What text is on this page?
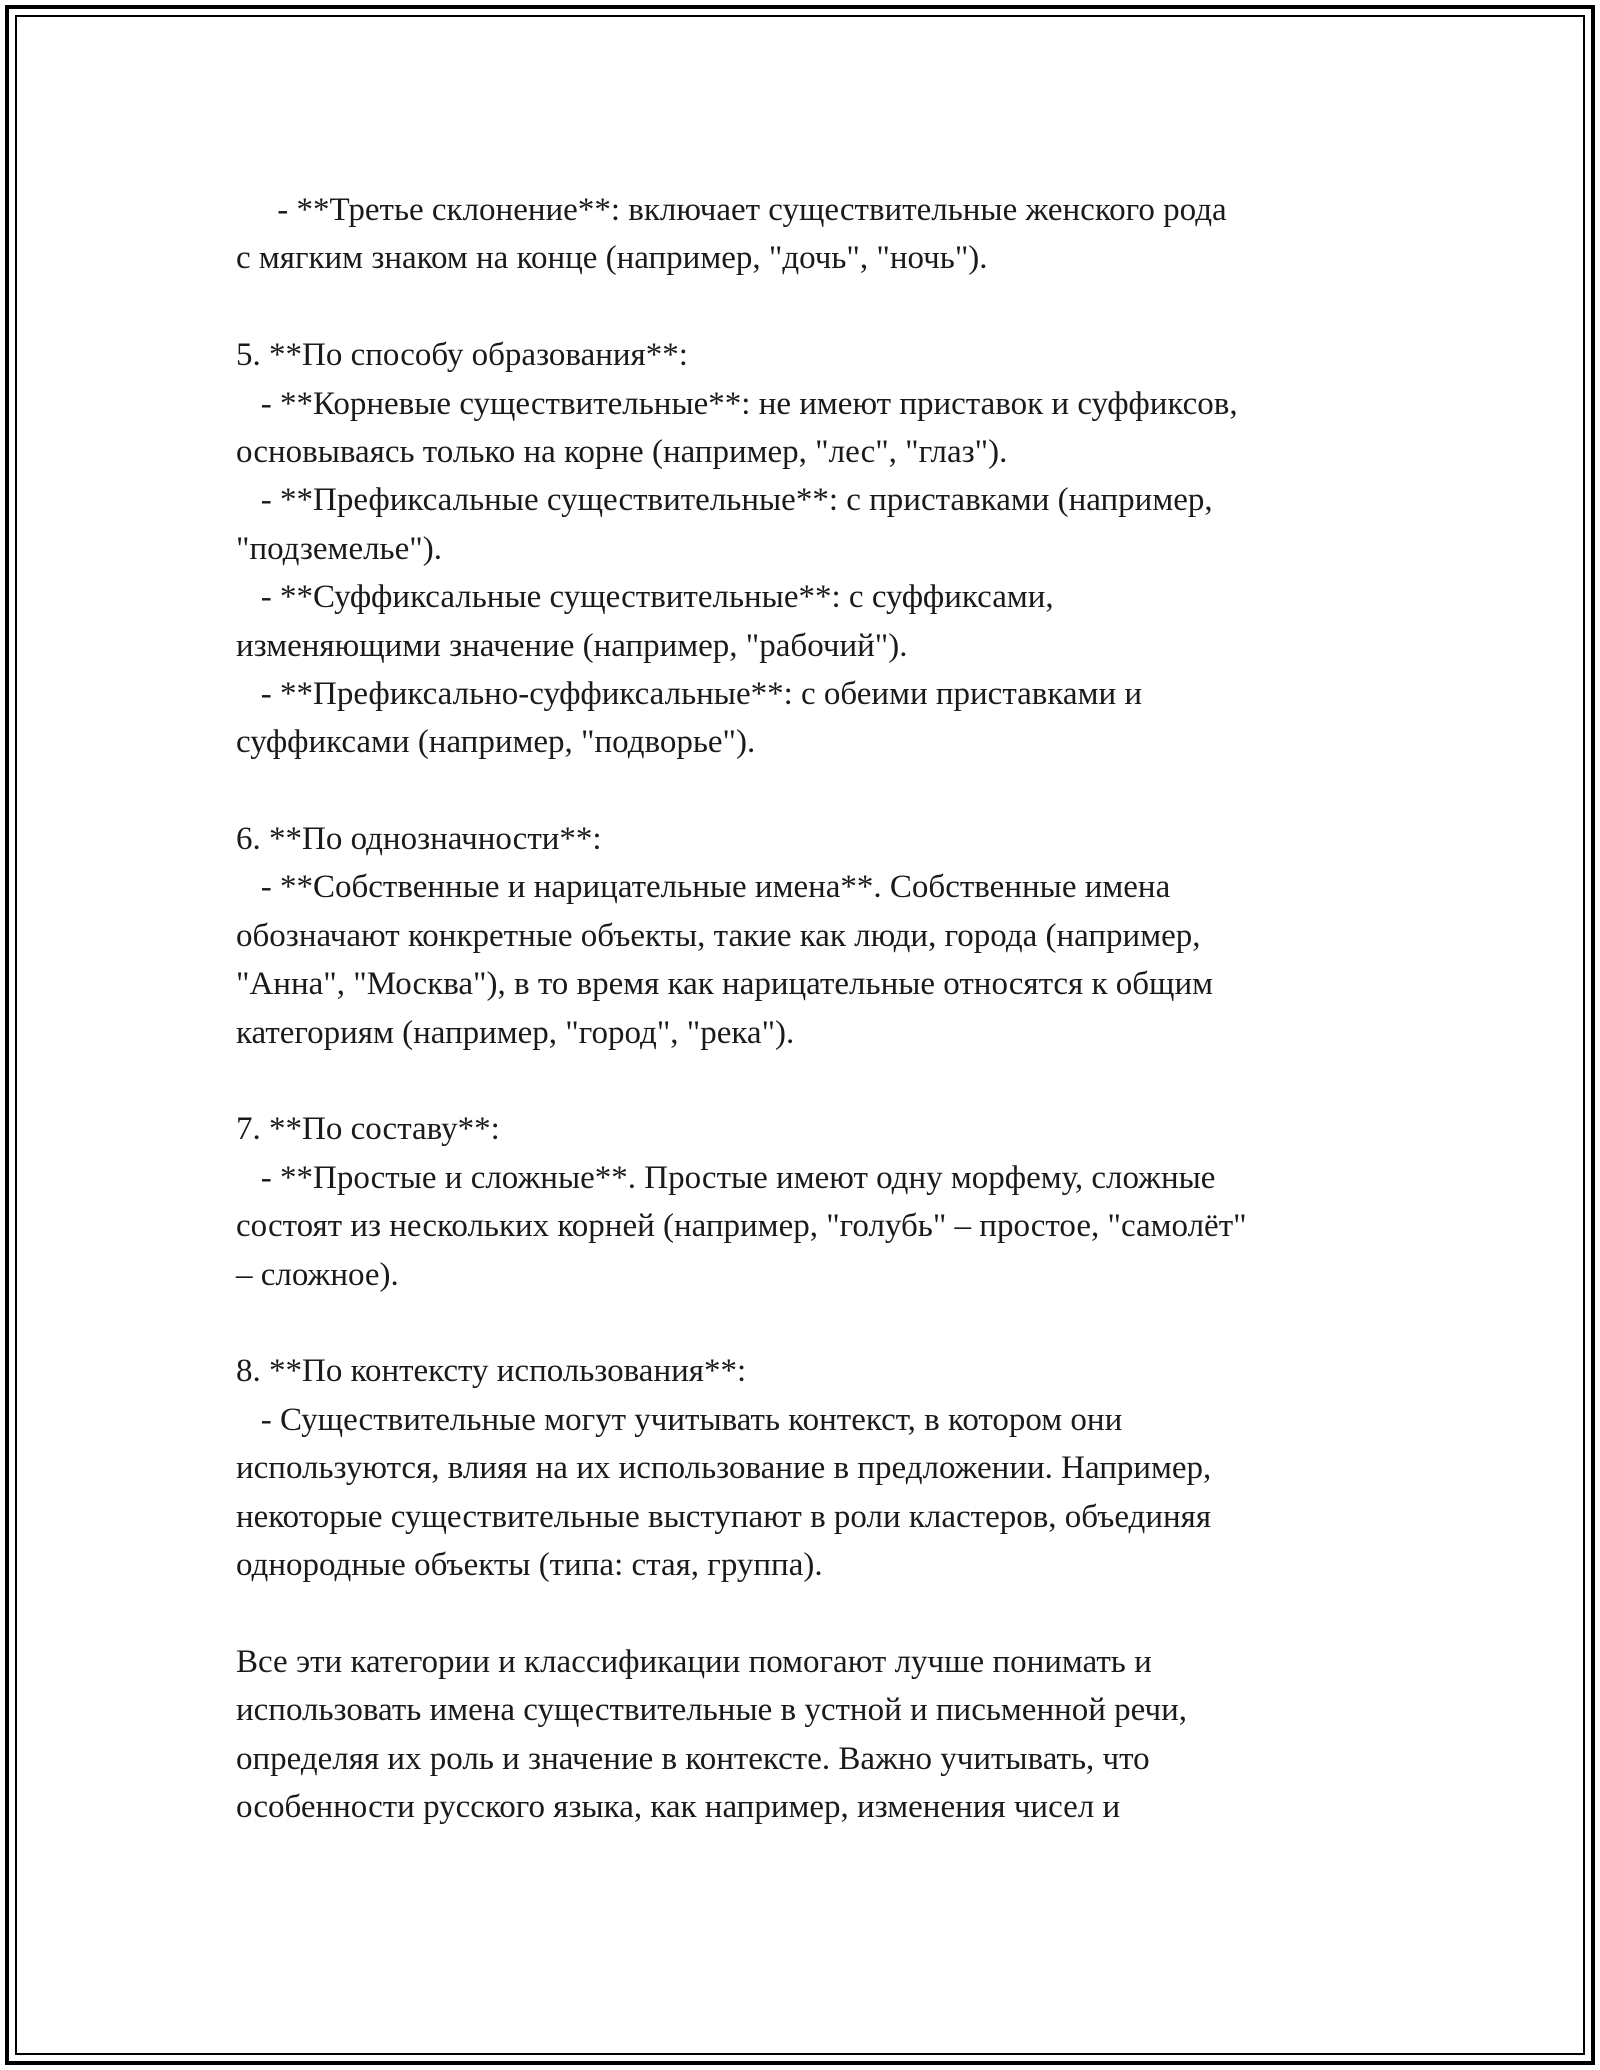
- **Третье склонение**: включает существительные женского рода
с мягким знаком на конце (например, "дочь", "ночь").
5. **По способу образования**:
- **Корневые существительные**: не имеют приставок и суффиксов,
основываясь только на корне (например, "лес", "глаз").
- **Префиксальные существительные**: с приставками (например,
"подземелье").
- **Суффиксальные существительные**: с суффиксами,
изменяющими значение (например, "рабочий").
- **Префиксально-суффиксальные**: с обеими приставками и
суффиксами (например, "подворье").
6. **По однозначности**:
- **Собственные и нарицательные имена**. Собственные имена
обозначают конкретные объекты, такие как люди, города (например,
"Анна", "Москва"), в то время как нарицательные относятся к общим
категориям (например, "город", "река").
7. **По составу**:
- **Простые и сложные**. Простые имеют одну морфему, сложные
состоят из нескольких корней (например, "голубь" – простое, "самолёт"
– сложное).
8. **По контексту использования**:
- Существительные могут учитывать контекст, в котором они
используются, влияя на их использование в предложении. Например,
некоторые существительные выступают в роли кластеров, объединяя
однородные объекты (типа: стая, группа).
Все эти категории и классификации помогают лучше понимать и
использовать имена существительные в устной и письменной речи,
определяя их роль и значение в контексте. Важно учитывать, что
особенности русского языка, как например, изменения чисел и
